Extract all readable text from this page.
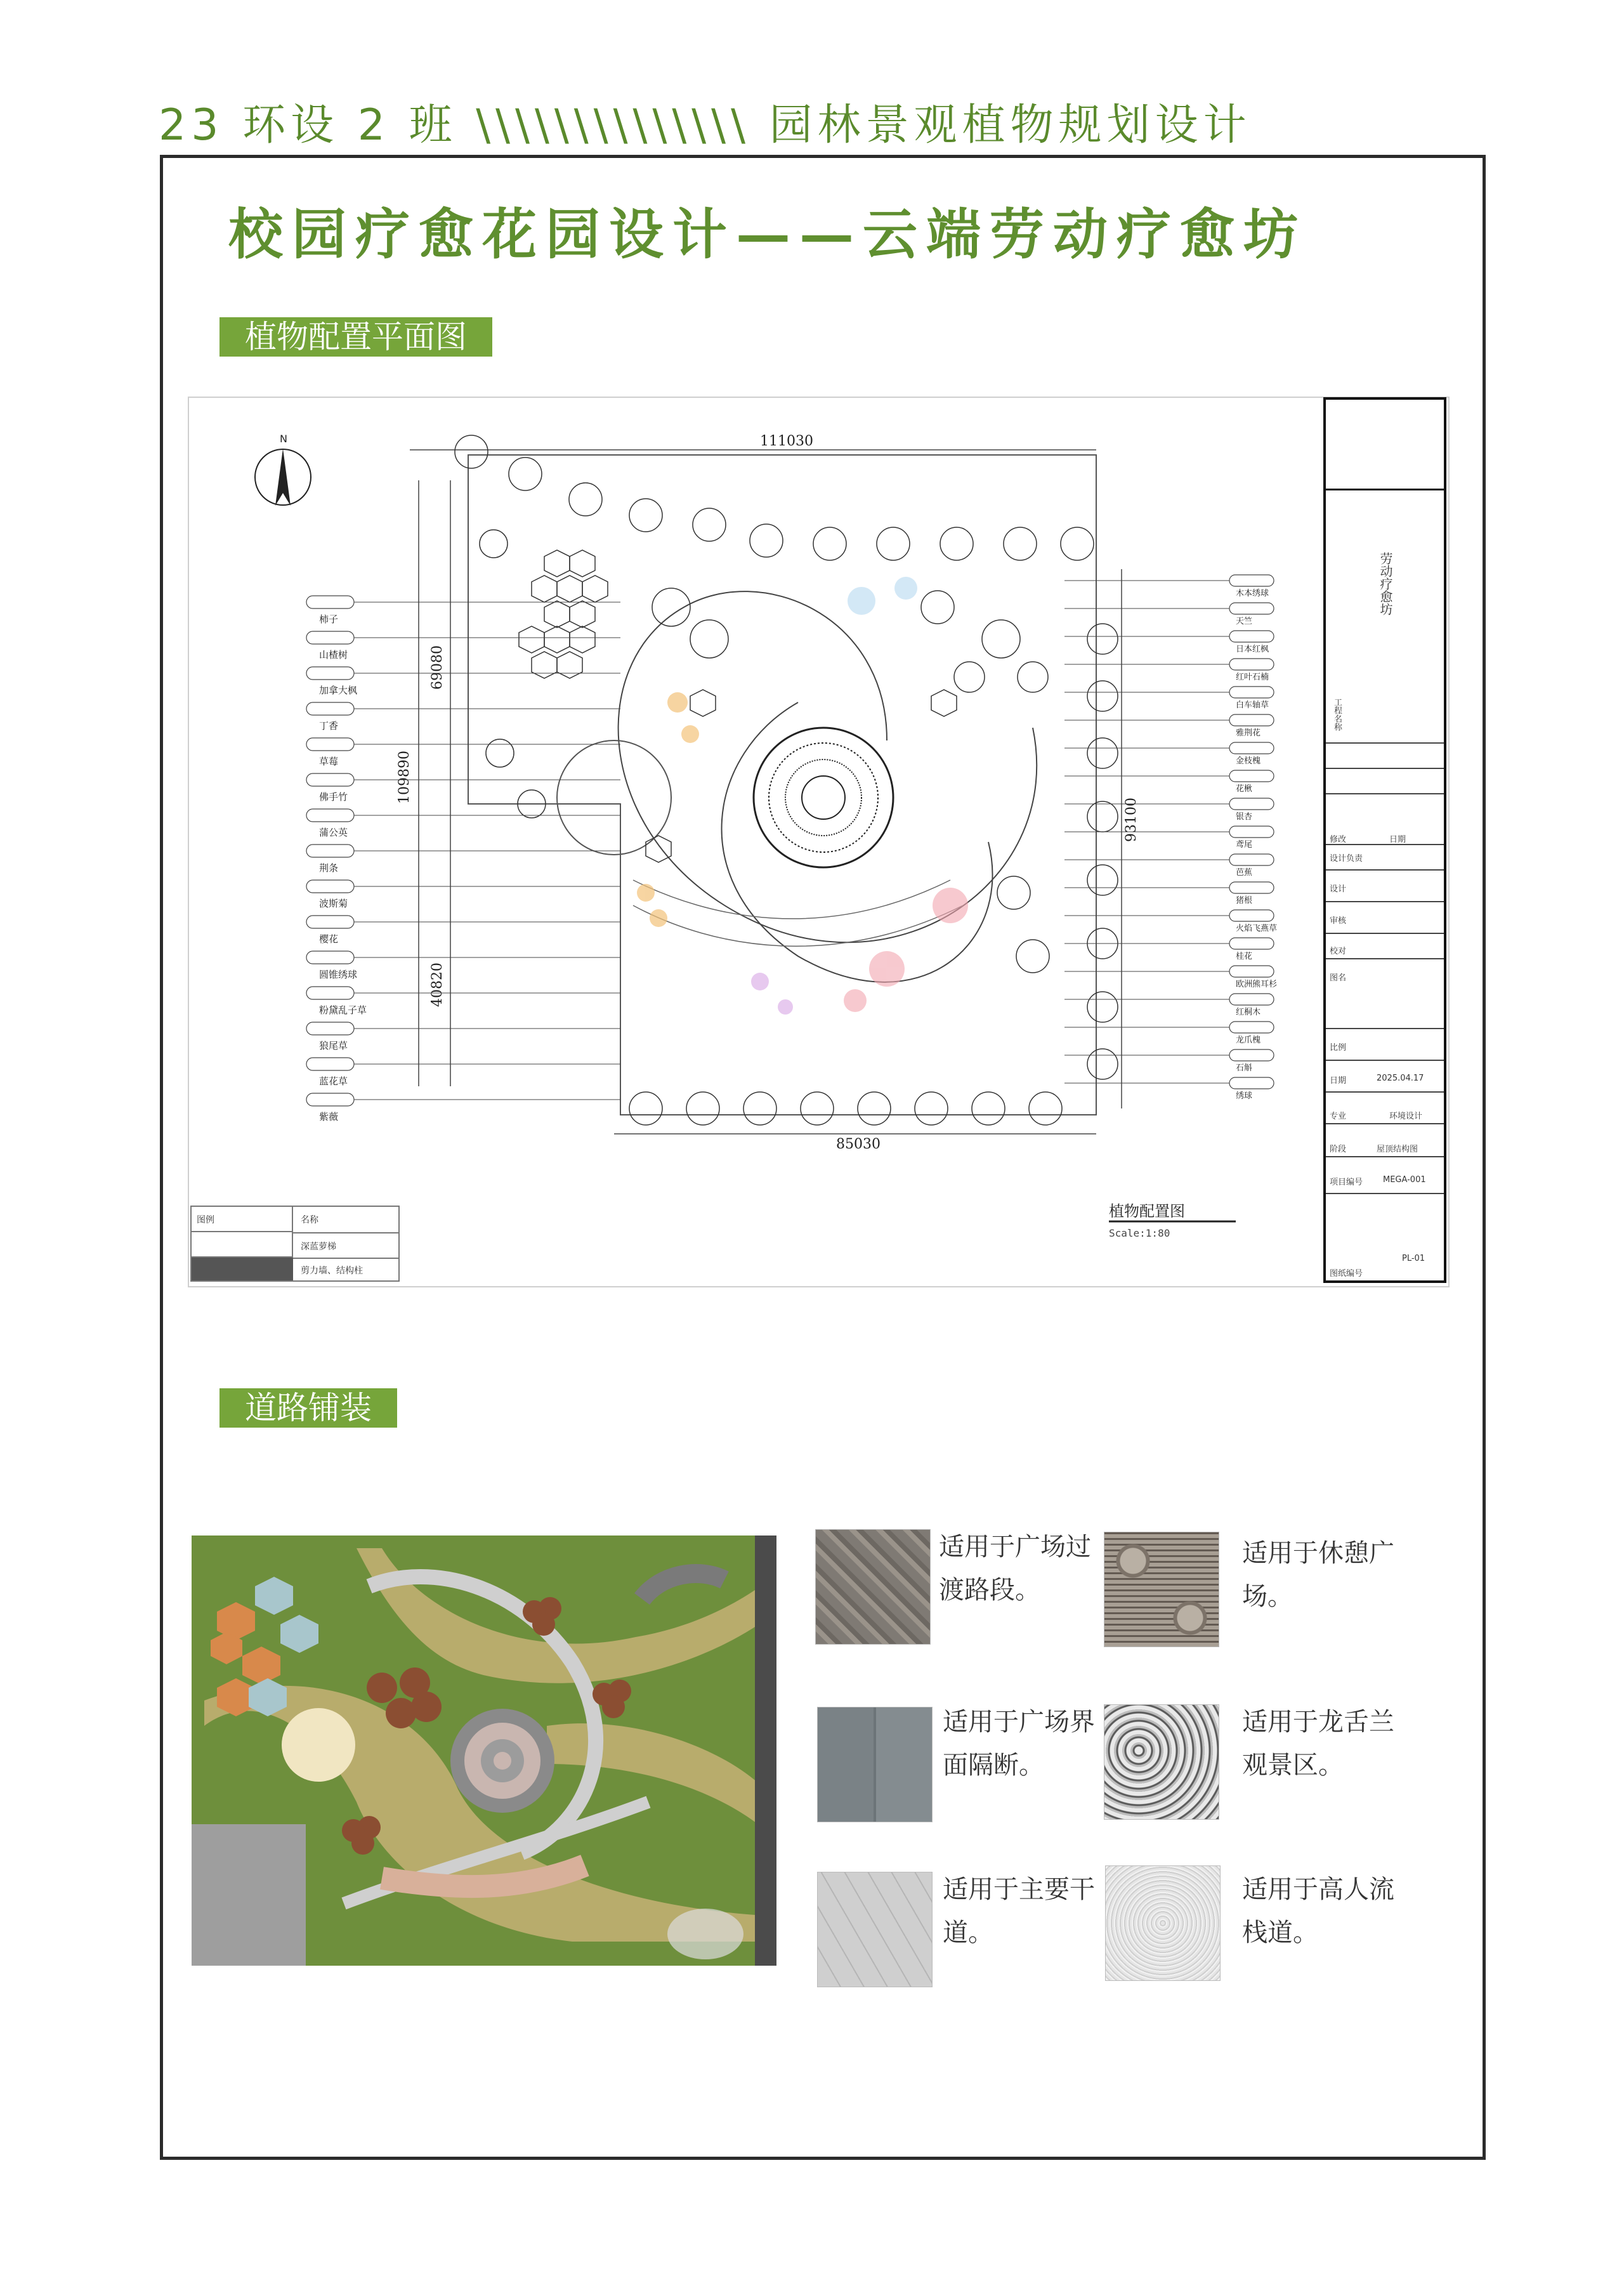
23 环设 2 班 \\\\\\\\\\\\\\ 园林景观植物规划设计
校园疗愈花园设计——云端劳动疗愈坊
植物配置平面图
N	111030
85030
109890
69080
40820
93100
柿子
山楂树
加拿大枫
丁香
草莓
佛手竹
蒲公英
荆条
波斯菊
樱花
圆锥绣球
粉黛乱子草
狼尾草
蓝花草
紫薇
木本绣球
天竺
日本红枫
红叶石楠
白车轴草
雅荆花
金枝槐
花楸
银杏
鸢尾
芭蕉
猪根
火焰飞燕草
桂花
欧洲熊耳杉
红桐木
龙爪槐
石斛
绣球
植物配置图
Scale:1:80
图例	名称
深蓝萝梯
剪力墙、结构柱
劳动疗愈坊
工程名称
修改	日期
设计负责
设计
审核
校对
图名
比例
日期	2025.04.17
专业	环境设计
阶段	屋顶结构图
项目编号 MEGA-001
图纸编号
PL-01
道路铺装
适用于广场过渡路段。
适用于休憩广场。
适用于广场界面隔断。
适用于龙舌兰观景区。
适用于主要干道。
适用于高人流栈道。
